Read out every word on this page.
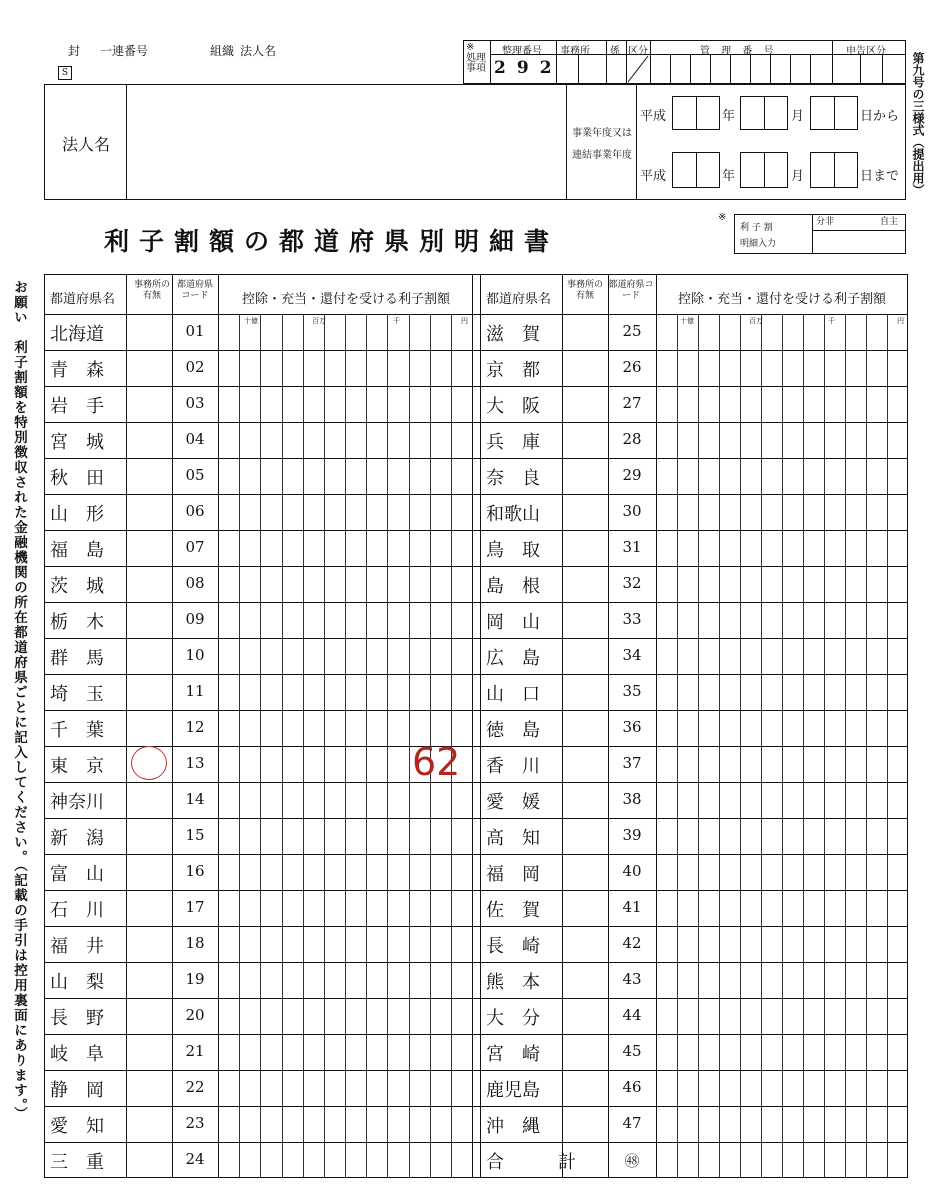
封 一連番号	組織 法人名
S
※
処理事項
整理番号
292
事務所 係 区分	管 理 番 号	申告区分
第九号の三様式（提出用）
法人名
事業年度又は
連結事業年度
平成	年	月	日から
平成	年	月	日まで
利子割額の都道府県別明細書
※
利 子 割
明細入力
分非	自主
お願い　利子割額を特別徴収された金融機関の所在都道府県ごとに記入してください。（記載の手引は控用裏面にあります。） 北海道	01
青　森	02
岩　手	03
宮　城	04
秋　田	05
山　形	06
福　島	07
茨　城	08
栃　木	09
群　馬	10
埼　玉	11
千　葉	12
東　京	13
神奈川	14
新　潟	15
富　山	16
石　川	17
福　井	18
山　梨	19
長　野	20
岐　阜	21
静　岡	22
愛　知	23
三　重	24
滋　賀	25
京　都	26
大　阪	27
兵　庫	28
奈　良	29
和歌山	30
鳥　取	31
島　根	32
岡　山	33
広　島	34
山　口	35
徳　島	36
香　川	37
愛　媛	38
高　知	39
福　岡	40
佐　賀	41
長　崎	42
熊　本	43
大　分	44
宮　崎	45
鹿児島	46
沖　縄	47
合　　　計	㊽
都道府県名
事務所の有無
都道府県コード	控除・充当・還付を受ける利子割額	都道府県名
事務所の有無
都道府県コード	控除・充当・還付を受ける利子割額
十億	百万	千	円	十億	百万	千	円
62
